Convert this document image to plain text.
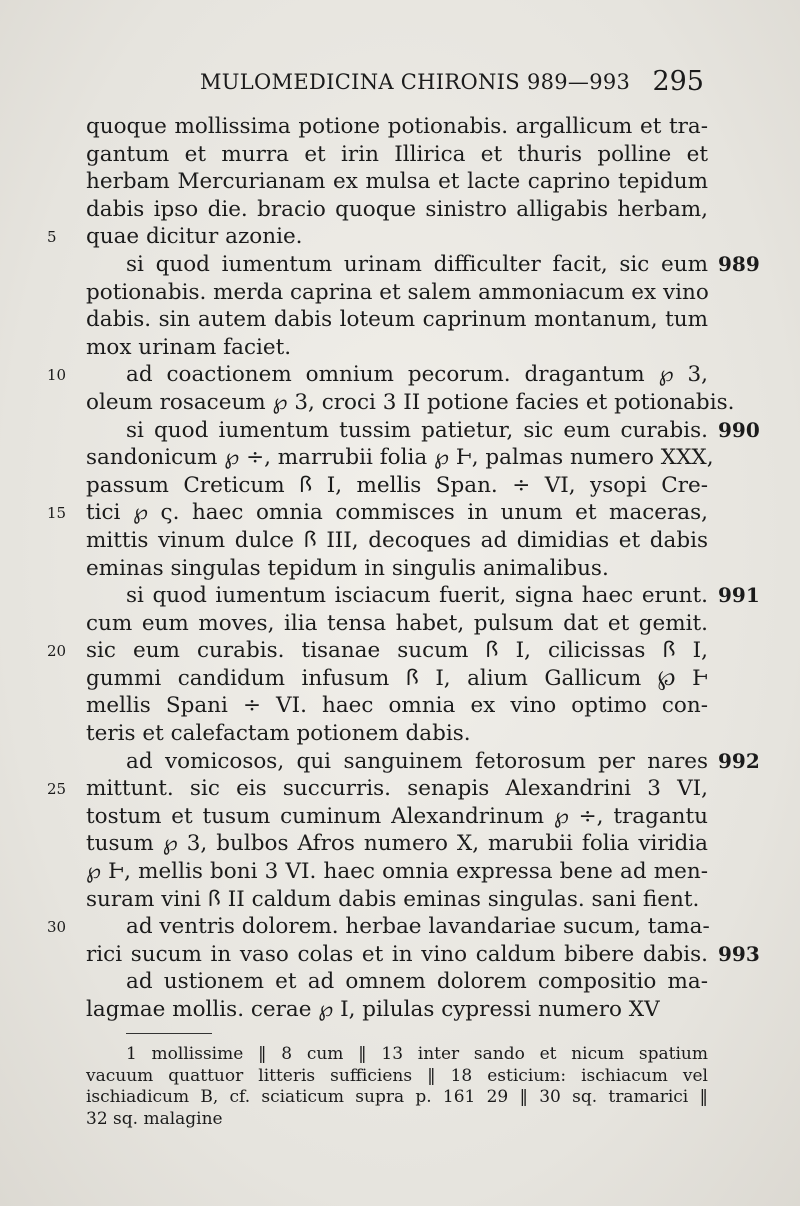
MULOMEDICINA CHIRONIS 989—993 295
quoque mollissima potione potionabis. argallicum et tra-
gantum et murra et irin Illirica et thuris polline et
herbam Mercurianam ex mulsa et lacte caprino tepidum
dabis ipso die. bracio quoque sinistro alligabis herbam,
5	quae dicitur azonie.
si quod iumentum urinam difficulter facit, sic eum 989
potionabis. merda caprina et salem ammoniacum ex vino
dabis. sin autem dabis loteum caprinum montanum, tum
mox urinam faciet.
10	ad coactionem omnium pecorum. dragantum ℘ 3,
oleum rosaceum ℘ 3, croci 3 II potione facies et potionabis.
si quod iumentum tussim patietur, sic eum curabis. 990
sandonicum ℘ ÷, marrubii folia ℘ Ⱶ, palmas numero XXX,
passum Creticum ꟗ I, mellis Span. ÷ VI, ysopi Cre-
15 tici ℘ ς. haec omnia commisces in unum et maceras,
mittis vinum dulce ꟗ III, decoques ad dimidias et dabis
eminas singulas tepidum in singulis animalibus.
si quod iumentum isciacum fuerit, signa haec erunt. 991
cum eum moves, ilia tensa habet, pulsum dat et gemit.
20 sic eum curabis. tisanae sucum ꟗ I, cilicissas ꟗ I,
gummi candidum infusum ꟗ I, alium Gallicum ℘ Ⱶ
mellis Spani ÷ VI. haec omnia ex vino optimo con-
teris et calefactam potionem dabis.
ad vomicosos, qui sanguinem fetorosum per nares 992
25 mittunt. sic eis succurris. senapis Alexandrini 3 VI,
tostum et tusum cuminum Alexandrinum ℘ ÷, tragantu
tusum ℘ 3, bulbos Afros numero X, marubii folia viridia
℘ Ⱶ, mellis boni 3 VI. haec omnia expressa bene ad men-
suram vini ꟗ II caldum dabis eminas singulas. sani fient.
30	ad ventris dolorem. herbae lavandariae sucum, tama-
rici sucum in vaso colas et in vino caldum bibere dabis. 993
ad ustionem et ad omnem dolorem compositio ma-
lagmae mollis. cerae ℘ I, pilulas cypressi numero XV
1 mollissime ‖ 8 cum ‖ 13 inter sando et nicum spatium
vacuum quattuor litteris sufficiens ‖ 18 esticium: ischiacum vel
ischiadicum B, cf. sciaticum supra p. 161 29 ‖ 30 sq. tramarici ‖
32 sq. malagine
